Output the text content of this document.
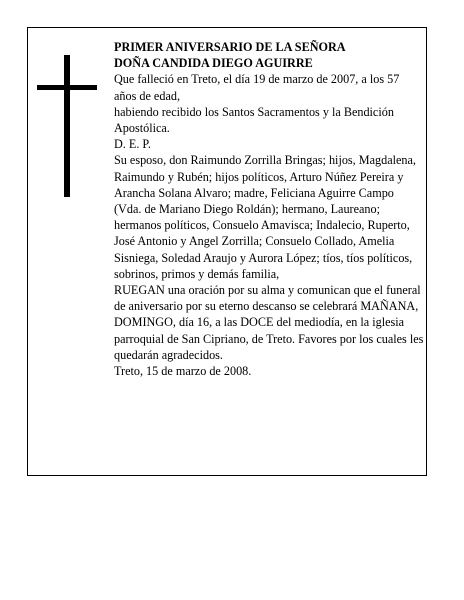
PRIMER ANIVERSARIO DE LA SEÑORA

DOÑA CANDIDA DIEGO AGUIRRE

Que falleció en Treto, el día 19 de marzo de 2007, a los 57 años de edad,

habiendo recibido los Santos Sacramentos y la Bendición Apostólica.

D. E. P.

Su esposo, don Raimundo Zorrilla Bringas; hijos, Magdalena, Raimundo y Rubén; hijos políticos, Arturo Núñez Pereira y Arancha Solana Alvaro; madre, Feliciana Aguirre Campo (Vda. de Mariano Diego Roldán); hermano, Laureano; hermanos políticos, Consuelo Amavisca; Indalecio, Ruperto, José Antonio y Angel Zorrilla; Consuelo Collado, Amelia Sisniega, Soledad Araujo y Aurora López; tíos, tíos políticos, sobrinos, primos y demás familia,

RUEGAN una oración por su alma y comunican que el funeral de aniversario por su eterno descanso se celebrará MAÑANA, DOMINGO, día 16, a las DOCE del mediodía, en la iglesia parroquial de San Cipriano, de Treto. Favores por los cuales les quedarán agradecidos.

Treto, 15 de marzo de 2008.
